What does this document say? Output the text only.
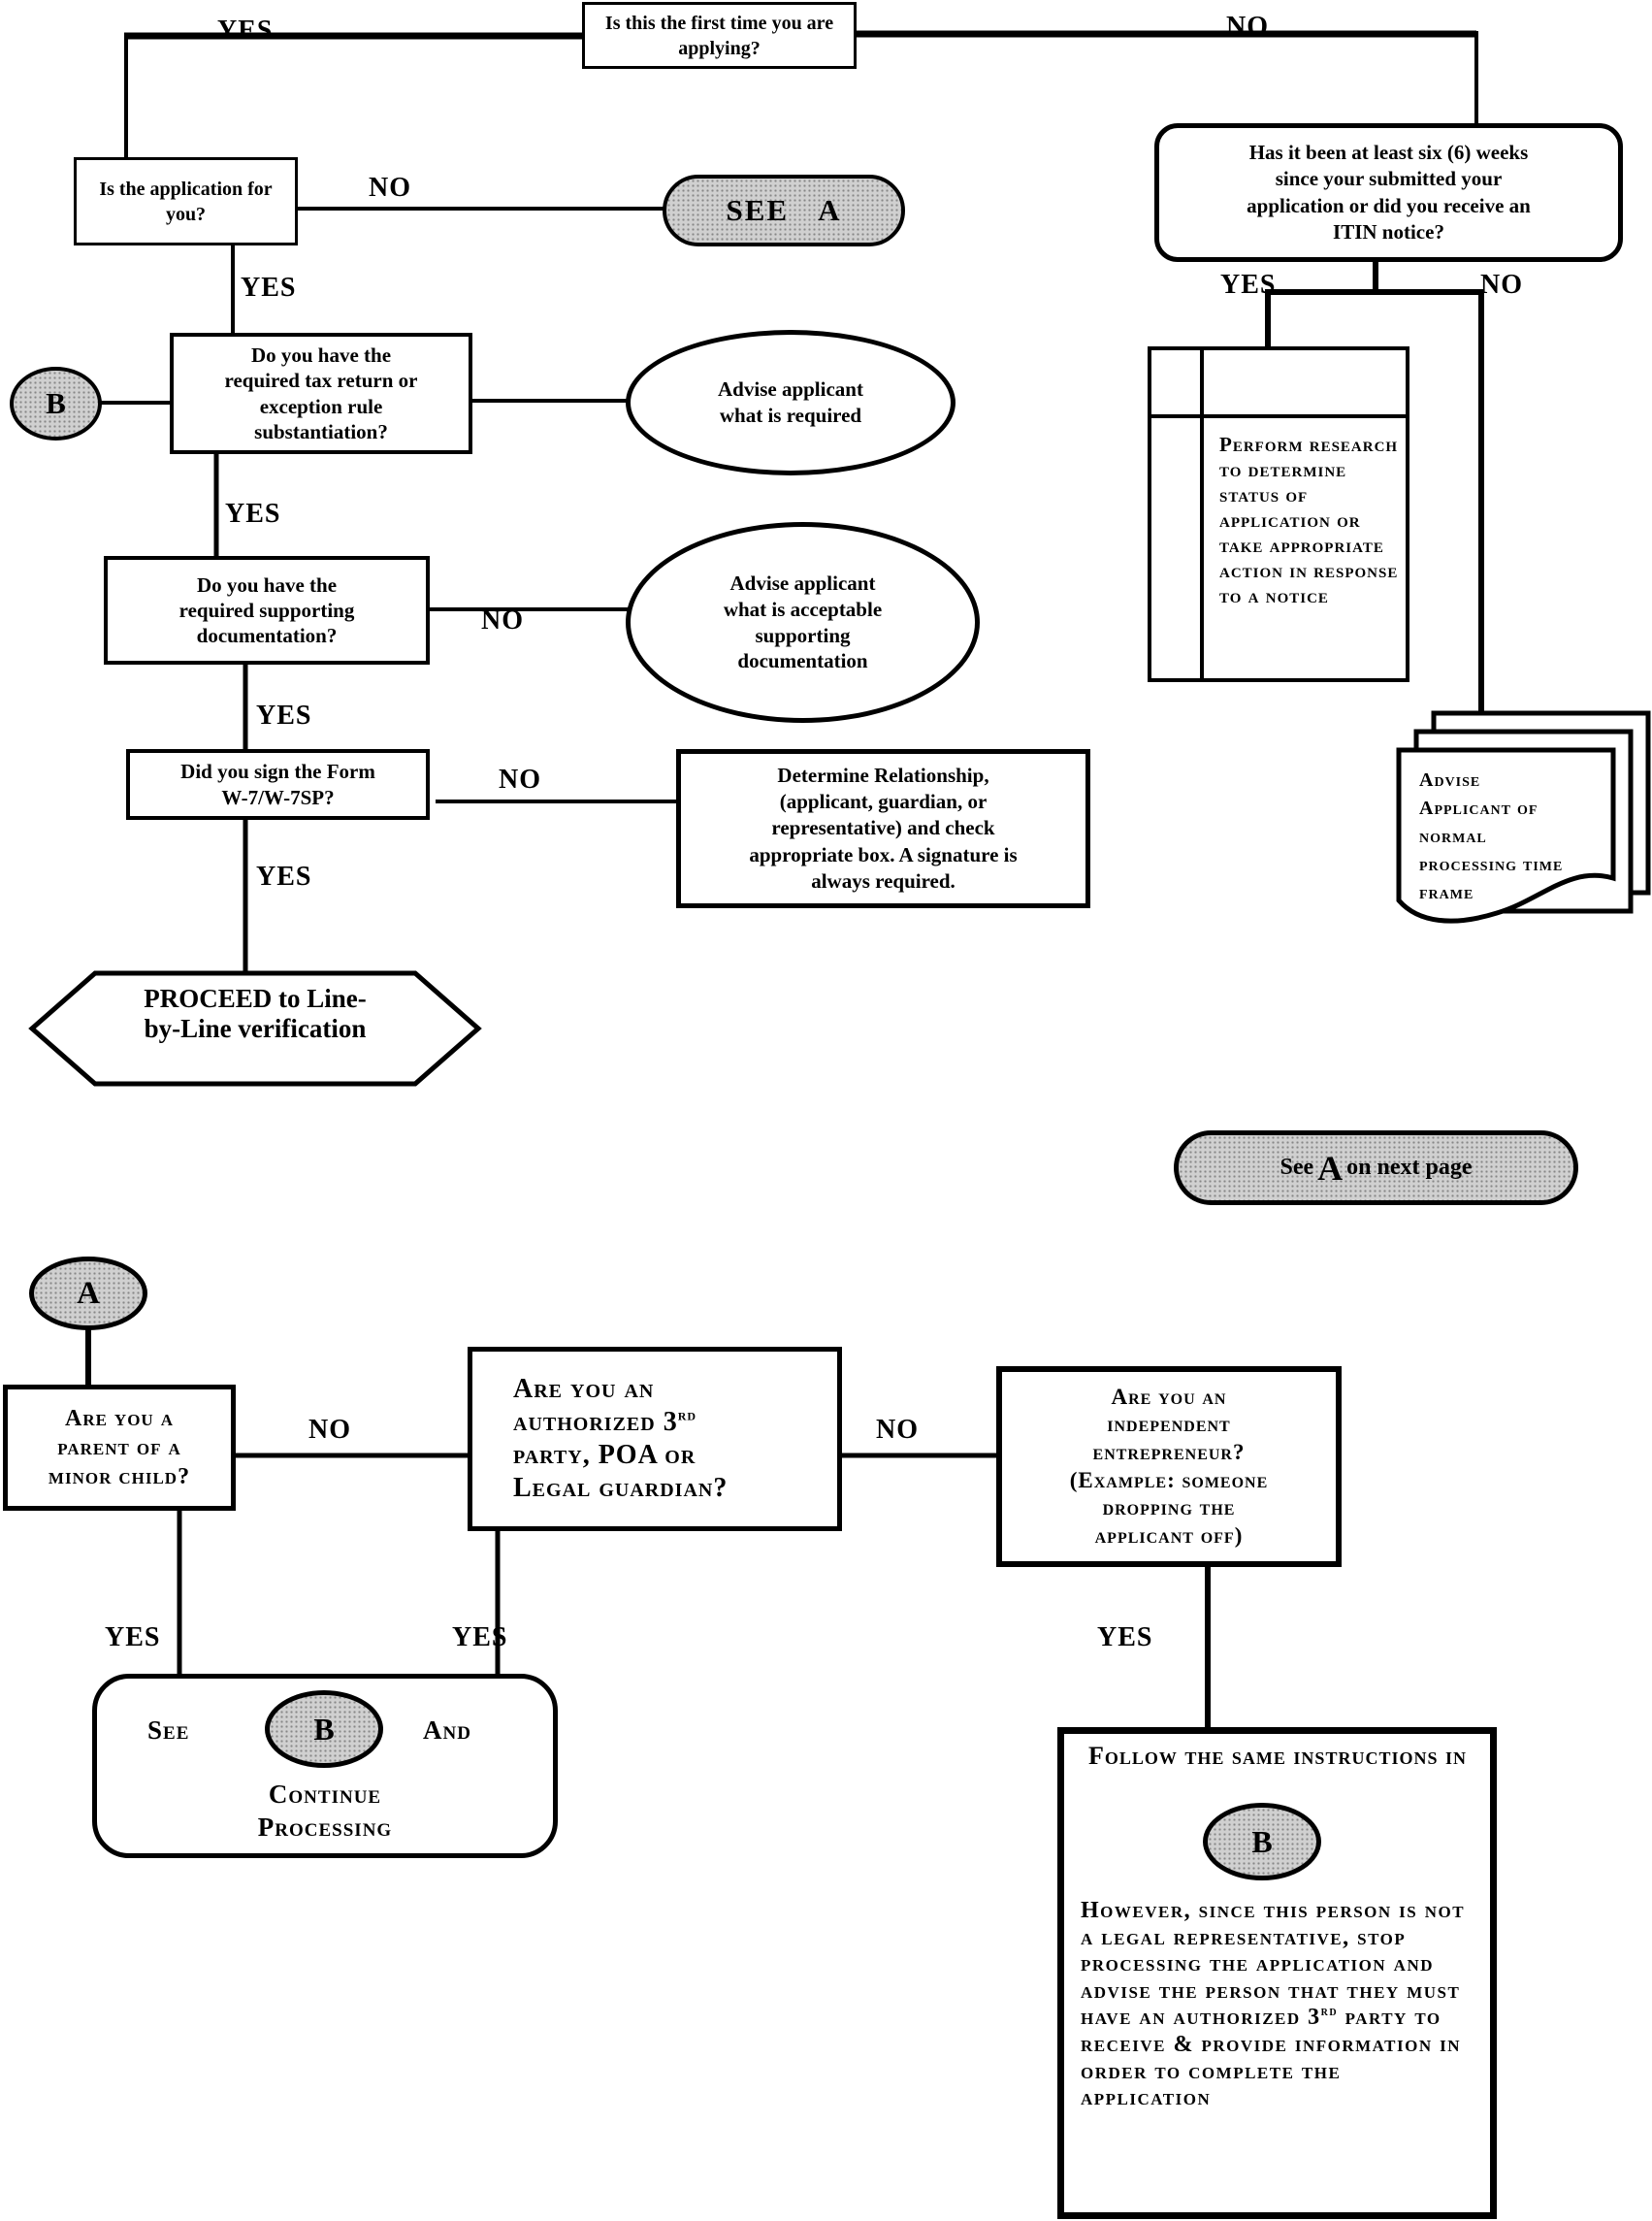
Is this the first time you are applying?
YES	NO
Is the application for you?
NO
YES
SEE A
B
Do you have the required tax return or exception rule substantiation?
Advise applicant what is required
YES
Do you have the required supporting documentation?
NO
Advise applicant what is acceptable supporting documentation
YES
Did you sign the Form W-7/W-7SP?
NO	Determine Relationship, (applicant, guardian, or representative) and check appropriate box. A signature is always required.
YES
PROCEED to Line-by-Line verification
Has it been at least six (6) weeks since your submitted your application or did you receive an ITIN notice?
YES	NO
Perform research to determine status of application or take appropriate action in response to a notice
Advise Applicant of normal processing time frame
See A on next page
A
Are you a parent of a minor child?
NO
Are you an authorized 3rd party, POA or Legal guardian?
NO
Are you an independent entrepreneur? (Example: someone dropping the applicant off)
YES	YES	YES
See	B	And
Continue Processing
Follow the same instructions in
B
However, since this person is not a legal representative, stop processing the application and advise the person that they must have an authorized 3rd party to receive & provide information in order to complete the application
